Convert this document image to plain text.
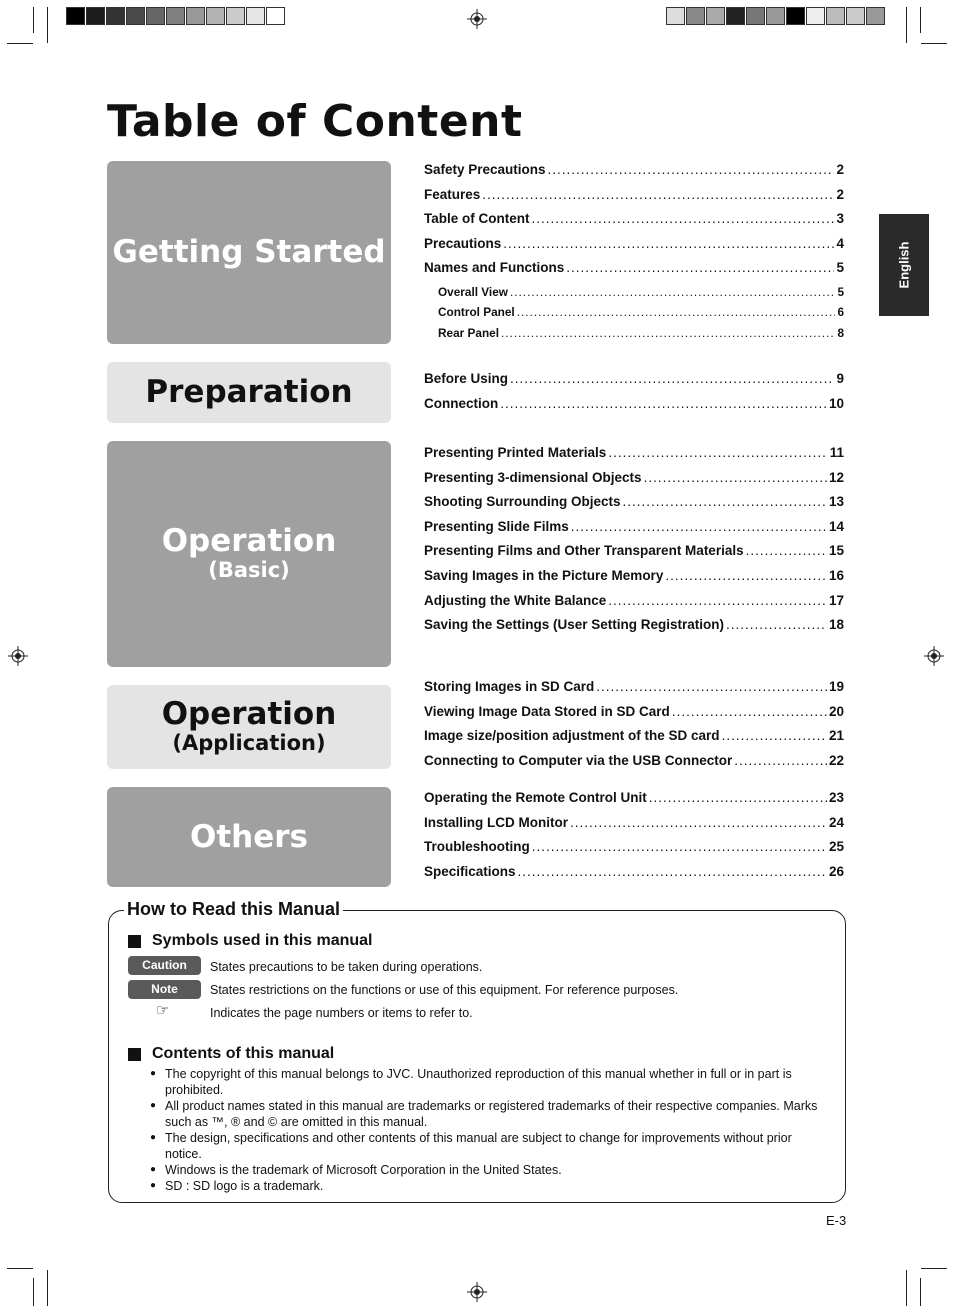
Table of Content
English
Getting Started
Preparation
Operation
(Basic)
Operation
(Application)
Others
Safety Precautions .....	2
Features .....	2
Table of Content .....	3
Precautions .....	4
Names and Functions .....	5
Overall View .....	5
Control Panel .....	6
Rear Panel .....	8
Before Using .....	9
Connection .....	10
Presenting Printed Materials .....	11
Presenting 3-dimensional Objects .....	12
Shooting Surrounding Objects .....	13
Presenting Slide Films .....	14
Presenting Films and Other Transparent Materials .....	15
Saving Images in the Picture Memory .....	16
Adjusting the White Balance .....	17
Saving the Settings (User Setting Registration) .....	18
Storing Images in SD Card .....	19
Viewing Image Data Stored in SD Card .....	20
Image size/position adjustment of the SD card .....	21
Connecting to Computer via the USB Connector .....	22
Operating the Remote Control Unit .....	23
Installing LCD Monitor .....	24
Troubleshooting .....	25
Specifications .....	26
How to Read this Manual
Symbols used in this manual
Caution	States precautions to be taken during operations.
Note	States restrictions on the functions or use of this equipment. For reference purposes.
☞	Indicates the page numbers or items to refer to.
Contents of this manual
● The copyright of this manual belongs to JVC. Unauthorized reproduction of this manual whether in full or in part is prohibited.
● All product names stated in this manual are trademarks or registered trademarks of their respective companies. Marks such as ™, ® and © are omitted in this manual.
● The design, specifications and other contents of this manual are subject to change for improvements without prior notice.
● Windows is the trademark of Microsoft Corporation in the United States.
● SD : SD logo is a trademark.
E-3
